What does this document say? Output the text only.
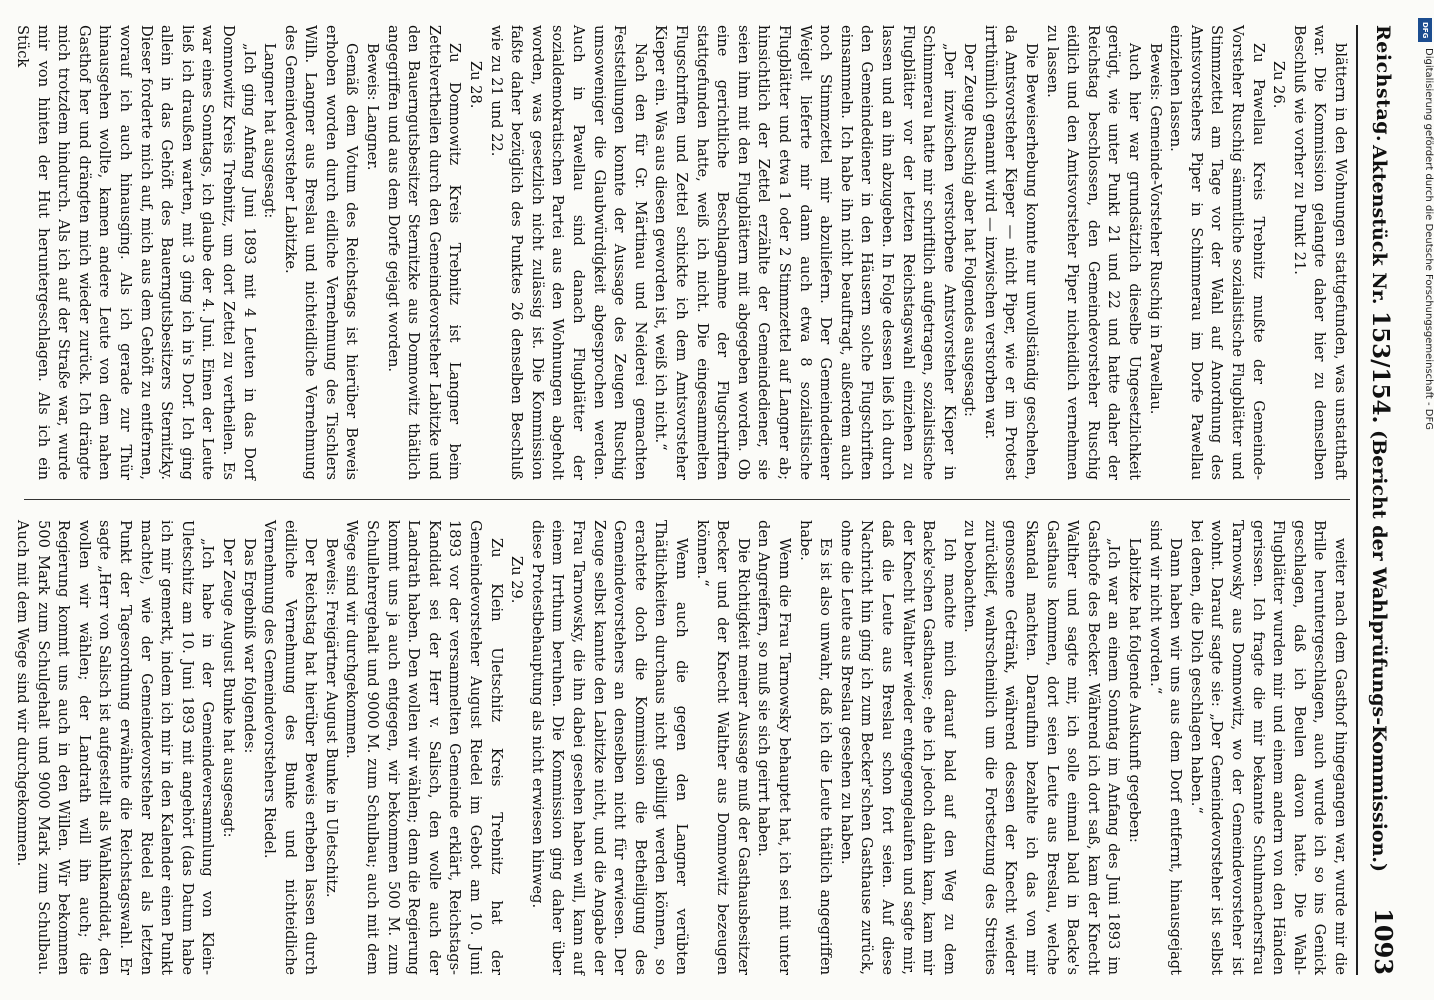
Reichstag.
Aktenstück Nr. 153/154. (Bericht der Wahlprüfungs-Kommission.)
1093

blättern in den Wohnungen stattgefunden, was unstatthaft war. Die Kommission gelangte daher hier zu demselben Beschluß wie vorher zu Punkt 21.

Zu 26.

Zu Pawellau Kreis Trebnitz mußte der Gemeinde-Vorsteher Ruschig sämmtliche sozialistische Flugblätter und Stimmzettel am Tage vor der Wahl auf Anordnung des Amtsvorstehers Piper in Schimmerau im Dorfe Pawellau einziehen lassen.

Beweis: Gemeinde-Vorsteher Ruschig in Pawellau.

Auch hier war grundsätzlich dieselbe Ungesetzlichkeit gerügt, wie unter Punkt 21 und 22 und hatte daher der Reichstag beschlossen, den Gemeindevorsteher Ruschig eidlich und den Amtsvorsteher Piper nicheidlich vernehmen zu lassen.

Die Beweiserhebung konnte nur unvollständig geschehen, da Amtsvorsteher Kieper — nicht Piper, wie er im Protest irrthümlich genannt wird — inzwischen verstorben war.

Der Zeuge Ruschig aber hat Folgendes ausgesagt:

„Der inzwischen verstorbene Amtsvorsteher Kieper in Schimmerau hatte mir schriftlich aufgetragen, sozialistische Flugblätter vor der letzten Reichstagswahl einziehen zu lassen und an ihn abzugeben. In Folge dessen ließ ich durch den Gemeindediener in den Häusern solche Flugschriften einsammeln. Ich habe ihn nicht beauftragt, außerdem auch noch Stimmzettel mir abzuliefern. Der Gemeindediener Weigelt lieferte mir dann auch etwa 8 sozialistische Flugblätter und etwa 1 oder 2 Stimmzettel auf Langner ab; hinsichtlich der Zettel erzählte der Gemeindediener, sie seien ihm mit den Flugblättern mit abgegeben worden. Ob eine gerichtliche Beschlagnahme der Flugschriften stattgefunden hatte, weiß ich nicht. Die eingesammelten Flugschriften und Zettel schickte ich dem Amtsvorsteher Kieper ein. Was aus diesen geworden ist, weiß ich nicht.“

Nach den für Gr. Märtinau und Neiderei gemachten Feststellungen konnte der Aussage des Zeugen Ruschig umsoweniger die Glaubwürdigkeit abgesprochen werden. Auch in Pawellau sind danach Flugblätter der sozialdemokratischen Partei aus den Wohnungen abgeholt worden, was gesetzlich nicht zulässig ist. Die Kommission faßte daher bezüglich des Punktes 26 denselben Beschluß wie zu 21 und 22.

Zu 28.

Zu Domnowitz Kreis Trebnitz ist Langner beim Zettelvertheilen durch den Gemeindevorsteher Labitzke und den Bauerngutsbesitzer Sternitzke aus Domnowitz thätlich angegriffen und aus dem Dorfe gejagt worden.

Beweis: Langner.

Gemäß dem Votum des Reichstags ist hierüber Beweis erhoben worden durch eidliche Vernehmung des Tischlers Wilh. Langner aus Breslau und nichteidliche Vernehmung des Gemeindevorsteher Labitzke.

Langner hat ausgesagt:

„Ich ging Anfang Juni 1893 mit 4 Leuten in das Dorf Domnowitz Kreis Trebnitz, um dort Zettel zu vertheilen. Es war eines Sonntags, ich glaube der 4. Juni. Einen der Leute ließ ich draußen warten, mit 3 ging ich in's Dorf. Ich ging allein in das Gehöft des Bauerngutsbesitzers Sternitzky. Dieser forderte mich auf, mich aus dem Gehöft zu entfernen, worauf ich auch hinausging. Als ich gerade zur Thür hinausgehen wollte, kamen andere Leute von dem nahen Gasthof her und drängten mich wieder zurück. Ich drängte mich trotzdem hindurch. Als ich auf der Straße war, wurde mir von hinten der Hut heruntergeschlagen. Als ich ein Stück

weiter nach dem Gasthof hingegangen war, wurde mir die Brille heruntergeschlagen, auch wurde ich so ins Genick geschlagen, daß ich Beulen davon hatte. Die Wahl-Flugblätter wurden mir und einem andern von den Händen gerissen. Ich fragte die mir bekannte Schuhmachersfrau Tarnowsky aus Domnowitz, wo der Gemeindevorsteher ist wohnt. Darauf sagte sie: „Der Gemeindevorsteher ist selbst bei denen, die Dich geschlagen haben.“

Dann haben wir uns aus dem Dorf entfernt, hinausgejagt sind wir nicht worden.“

Labitzke hat folgende Auskunft gegeben:

„Ich war an einem Sonntag im Anfang des Juni 1893 im Gasthofe des Becker. Während ich dort saß, kam der Knecht Walther und sagte mir, ich solle einmal bald in Backe's Gasthaus kommen, dort seien Leute aus Breslau, welche Skandal machten. Daraufhin bezahlte ich das von mir genossene Getränk, während dessen der Knecht wieder zurücklief, wahrscheinlich um die Fortsetzung des Streites zu beobachten.

Ich machte mich darauf bald auf den Weg zu dem Backe'schen Gasthause; ehe ich jedoch dahin kam, kam mir der Knecht Walther wieder entgegengelaufen und sagte mir, daß die Leute aus Breslau schon fort seien. Auf diese Nachricht hin ging ich zum Becker'schen Gasthause zurück, ohne die Leute aus Breslau gesehen zu haben.

Es ist also unwahr, daß ich die Leute thätlich angegriffen habe.

Wenn die Frau Tarnowsky behauptet hat, ich sei mit unter den Angreifern, so muß sie sich geirrt haben.

Die Richtigkeit meiner Aussage muß der Gasthausbesitzer Becker und der Knecht Walther aus Domnowitz bezeugen können.“

Wenn auch die gegen den Langner verübten Thätlichkeiten durchaus nicht gebilligt werden können, so erachtete doch die Kommission die Betheiligung des Gemeindevorstehers an denselben nicht für erwiesen. Der Zeuge selbst kannte den Labitzke nicht, und die Angabe der Frau Tarnowsky, die ihn dabei gesehen haben will, kann auf einem Irrthum beruhen. Die Kommission ging daher über diese Protestbehauptung als nicht erwiesen hinweg.

Zu 29.

Zu Klein Uletschitz Kreis Trebnitz hat der Gemeindevorsteher August Riedel im Gebot am 10. Juni 1893 vor der versammelten Gemeinde erklärt, Reichstags-Kandidat sei der Herr v. Salisch, den wolle auch der Landrath haben. Den wollen wir wählen; denn die Regierung kommt uns ja auch entgegen, wir bekommen 500 M. zum Schullehrergehalt und 9000 M. zum Schulbau; auch mit dem Wege sind wir durchgekommen.

Beweis: Freigärtner August Bunke in Uletschitz.

Der Reichstag hat hierüber Beweis erheben lassen durch eidliche Vernehmung des Bunke und nichteidliche Vernehmung des Gemeindevorstehers Riedel.

Das Ergebniß war folgendes:

Der Zeuge August Bunke hat ausgesagt:

„Ich habe in der Gemeindeversammlung von Klein-Uletschitz am 10. Juni 1893 mit angehört (das Datum habe ich mir gemerkt, indem ich mir in den Kalender einen Punkt machte), wie der Gemeindevorsteher Riedel als letzten Punkt der Tagesordnung erwähnte die Reichstagswahl. Er sagte „Herr von Salisch ist aufgestellt als Wahlkandidat, den wollen wir wählen; der Landrath will ihn auch; die Regierung kommt uns auch in den Willen. Wir bekommen 500 Mark zum Schulgehalt und 9000 Mark zum Schulbau. Auch mit dem Wege sind wir durchgekommen.

DFG
Digitalisierung gefördert durch die Deutsche Forschungsgemeinschaft - DFG
